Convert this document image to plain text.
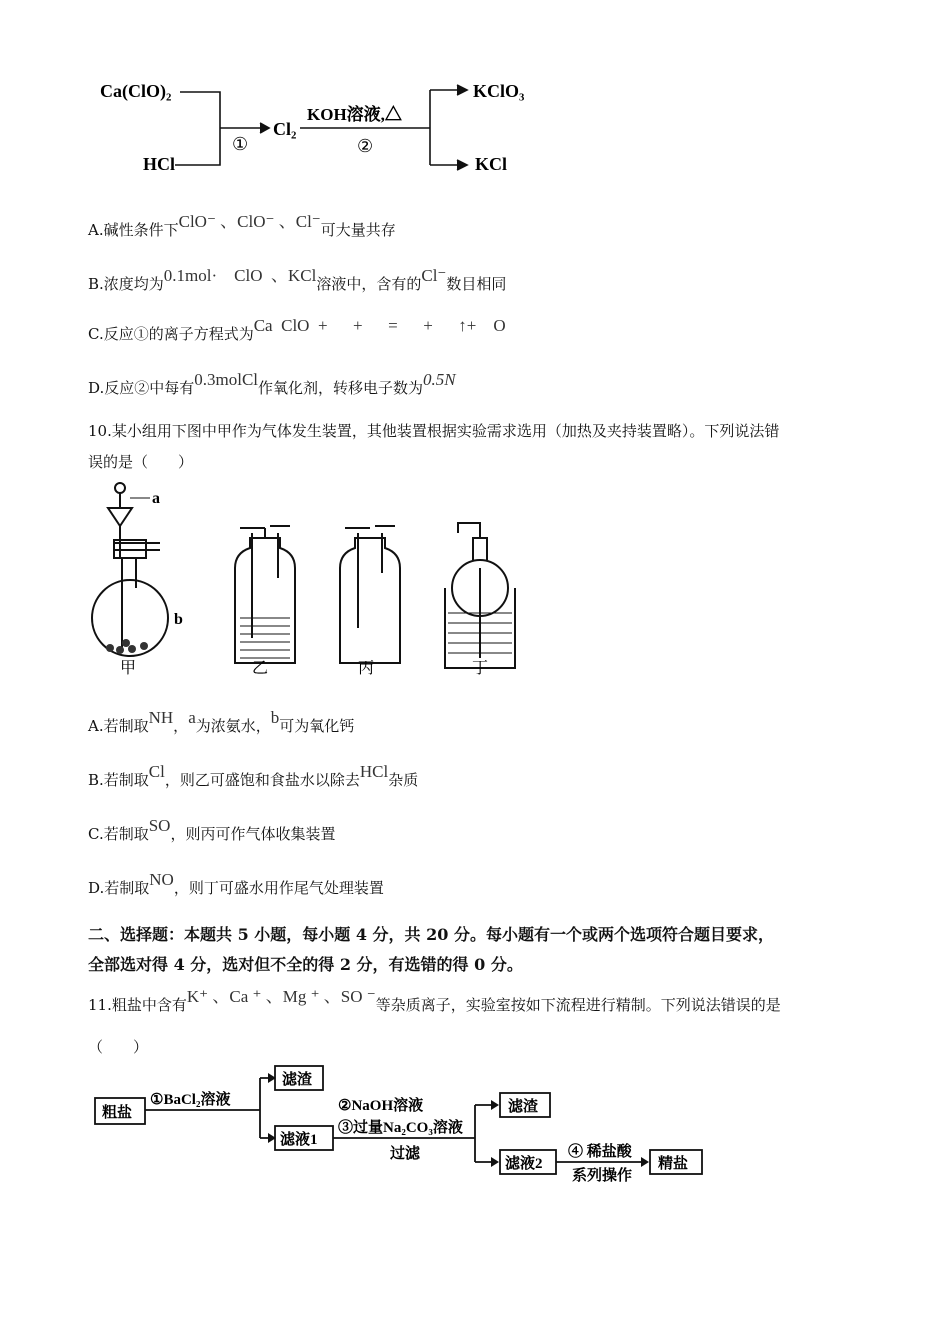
Ca(ClO)₂
HCl
①
Cl₂
KOH溶液,△
②
KClO₃
KCl
A.碱性条件下ClO⁻ 、ClO⁻ 、Cl⁻可大量共存
B.浓度均为0.1mol·    ClO  、KCl溶液中，含有的Cl⁻数目相同
C.反应①的离子方程式为Ca  ClO  +      +      =      +      ↑+    O
D.反应②中每有0.3molCl作氧化剂，转移电子数为0.5N
10.某小组用下图中甲作为气体发生装置，其他装置根据实验需求选用（加热及夹持装置略）。下列说法错
误的是（　　）
a
b
甲	乙	丙	丁
A.若制取NH，a为浓氨水，b可为氧化钙
B.若制取Cl，则乙可盛饱和食盐水以除去HCl杂质
C.若制取SO，则丙可作气体收集装置
D.若制取NO，则丁可盛水用作尾气处理装置
二、选择题：本题共 5 小题，每小题 4 分，共 20 分。每小题有一个或两个选项符合题目要求，
全部选对得 4 分，选对但不全的得 2 分，有选错的得 0 分。
11.粗盐中含有K⁺ 、Ca ⁺ 、Mg ⁺ 、SO ⁻等杂质离子，实验室按如下流程进行精制。下列说法错误的是
（　　）
粗盐
①BaCl₂溶液
滤渣
滤液1
②NaOH溶液
③过量Na₂CO₃溶液
过滤
滤渣
滤液2
④ 稀盐酸
系列操作
精盐
